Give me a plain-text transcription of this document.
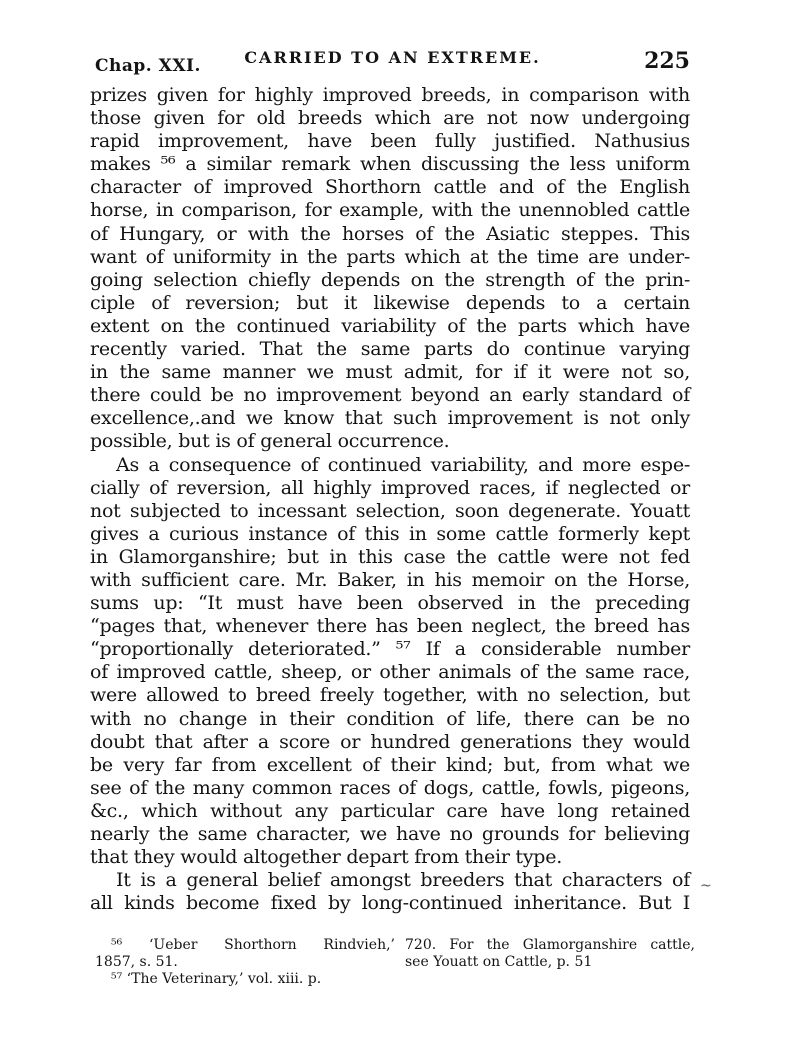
Chap. XXI.	CARRIED TO AN EXTREME.	225
prizes given for highly improved breeds, in comparison with
those given for old breeds which are not now undergoing
rapid improvement, have been fully justified. Nathusius
makes ⁵⁶ a similar remark when discussing the less uniform
character of improved Shorthorn cattle and of the English
horse, in comparison, for example, with the unennobled cattle
of Hungary, or with the horses of the Asiatic steppes. This
want of uniformity in the parts which at the time are under-
going selection chiefly depends on the strength of the prin-
ciple of reversion; but it likewise depends to a certain
extent on the continued variability of the parts which have
recently varied. That the same parts do continue varying
in the same manner we must admit, for if it were not so,
there could be no improvement beyond an early standard of
excellence,.and we know that such improvement is not only
possible, but is of general occurrence.
As a consequence of continued variability, and more espe-
cially of reversion, all highly improved races, if neglected or
not subjected to incessant selection, soon degenerate. Youatt
gives a curious instance of this in some cattle formerly kept
in Glamorganshire; but in this case the cattle were not fed
with sufficient care. Mr. Baker, in his memoir on the Horse,
sums up: “It must have been observed in the preceding
“pages that, whenever there has been neglect, the breed has
“proportionally deteriorated.” ⁵⁷ If a considerable number
of improved cattle, sheep, or other animals of the same race,
were allowed to breed freely together, with no selection, but
with no change in their condition of life, there can be no
doubt that after a score or hundred generations they would
be very far from excellent of their kind; but, from what we
see of the many common races of dogs, cattle, fowls, pigeons,
&c., which without any particular care have long retained
nearly the same character, we have no grounds for believing
that they would altogether depart from their type.
It is a general belief amongst breeders that characters of
all kinds become fixed by long-continued inheritance. But I
~
⁵⁶ ‘Ueber Shorthorn Rindvieh,’
1857, s. 51.
⁵⁷ ‘The Veterinary,’ vol. xiii. p.
720. For the Glamorganshire cattle,
see Youatt on Cattle, p. 51
